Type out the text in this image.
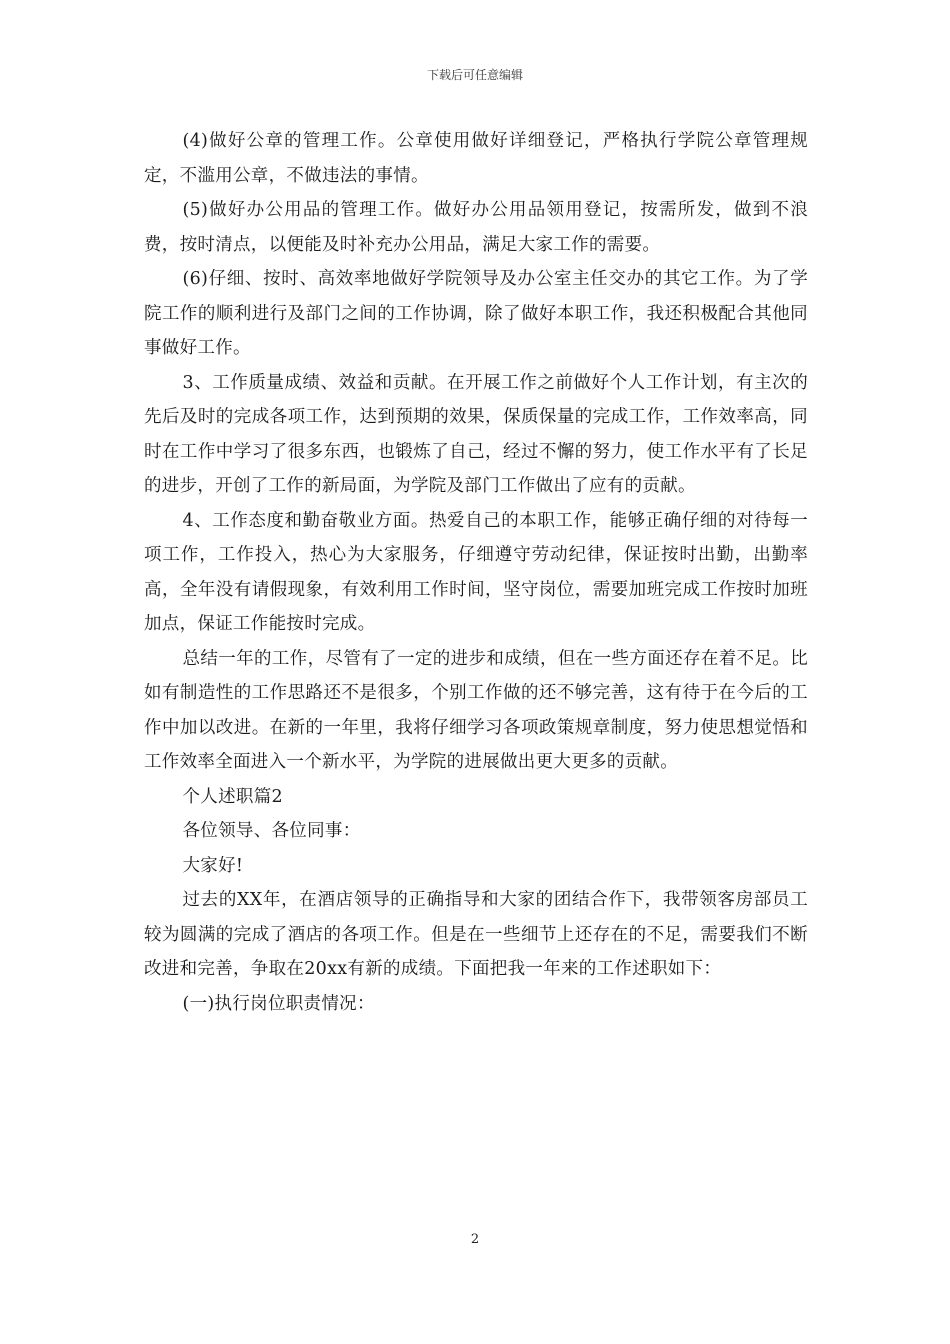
下载后可任意编辑

(4)做好公章的管理工作。公章使用做好详细登记，严格执行学院公章管理规定，不滥用公章，不做违法的事情。

(5)做好办公用品的管理工作。做好办公用品领用登记，按需所发，做到不浪费，按时清点，以便能及时补充办公用品，满足大家工作的需要。

(6)仔细、按时、高效率地做好学院领导及办公室主任交办的其它工作。为了学院工作的顺利进行及部门之间的工作协调，除了做好本职工作，我还积极配合其他同事做好工作。

3、工作质量成绩、效益和贡献。在开展工作之前做好个人工作计划，有主次的先后及时的完成各项工作，达到预期的效果，保质保量的完成工作，工作效率高，同时在工作中学习了很多东西，也锻炼了自己，经过不懈的努力，使工作水平有了长足的进步，开创了工作的新局面，为学院及部门工作做出了应有的贡献。

4、工作态度和勤奋敬业方面。热爱自己的本职工作，能够正确仔细的对待每一项工作，工作投入，热心为大家服务，仔细遵守劳动纪律，保证按时出勤，出勤率高，全年没有请假现象，有效利用工作时间，坚守岗位，需要加班完成工作按时加班加点，保证工作能按时完成。

总结一年的工作，尽管有了一定的进步和成绩，但在一些方面还存在着不足。比如有制造性的工作思路还不是很多，个别工作做的还不够完善，这有待于在今后的工作中加以改进。在新的一年里，我将仔细学习各项政策规章制度，努力使思想觉悟和工作效率全面进入一个新水平，为学院的进展做出更大更多的贡献。

个人述职篇2

各位领导、各位同事：

大家好!

过去的XX年，在酒店领导的正确指导和大家的团结合作下，我带领客房部员工较为圆满的完成了酒店的各项工作。但是在一些细节上还存在的不足，需要我们不断改进和完善，争取在20xx有新的成绩。下面把我一年来的工作述职如下：

(一)执行岗位职责情况：

2
